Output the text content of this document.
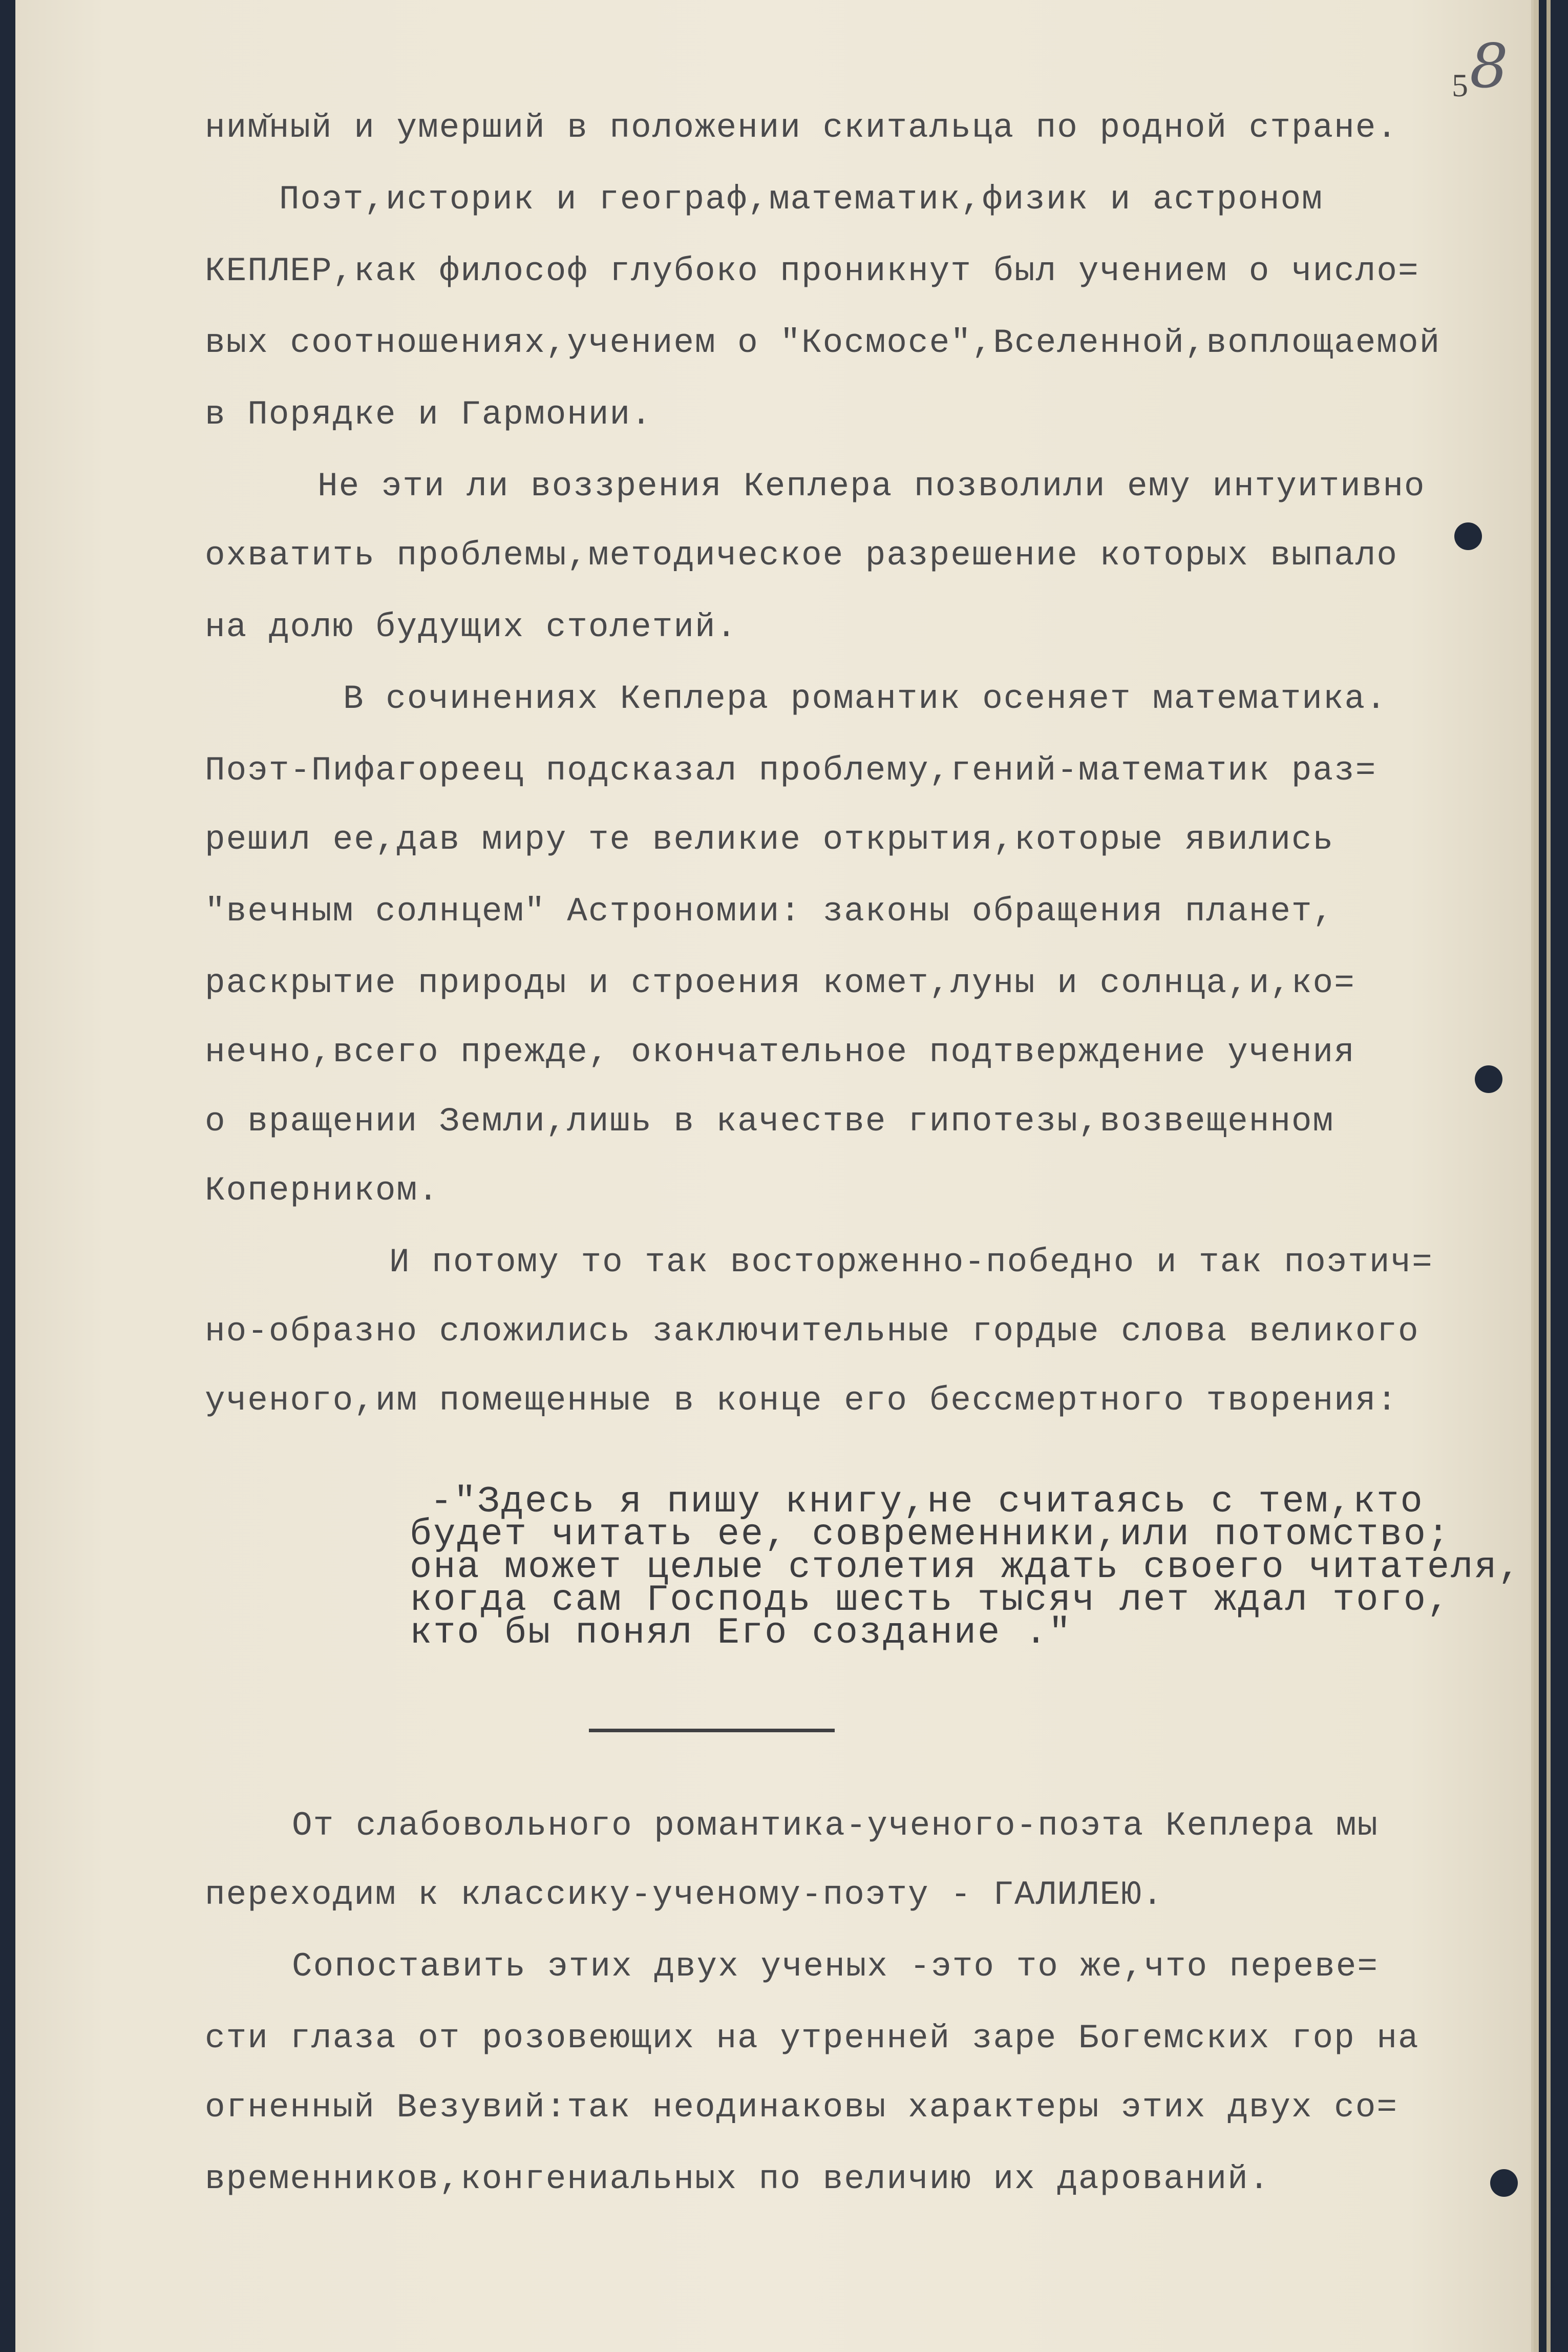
8
5
ним̆ный и умерший в положении скитальца по родной стране.
Поэт,историк и географ,математик,физик и астроном
КЕПЛЕР,как философ глубоко проникнут был учением о число=
вых соотношениях,учением о "Космосе",Вселенной,воплощаемой
в Порядке и Гармонии.
Не эти ли воззрения Кеплера позволили ему интуитивно
охватить проблемы,методическое разрешение которых выпало
на долю будущих столетий.
В сочинениях Кеплера романтик осеняет математика.
Поэт-Пифагореец подсказал проблему,гений-математик раз=
решил ее,дав миру те великие открытия,которые явились
"вечным солнцем" Астрономии: законы обращения планет,
раскрытие природы и строения комет,луны и солнца,и,ко=
нечно,всего прежде, окончательное подтверждение учения
о вращении Земли,лишь в качестве гипотезы,возвещенном
Коперником.
И потому то так восторженно-победно и так поэтич=
но-образно сложились заключительные гордые слова великого
ученого,им помещенные в конце его бессмертного творения:
-"Здесь я пишу книгу,не считаясь с тем,кто
будет читать ее, современники,или потомство;
она может целые столетия ждать своего читателя,
когда сам Господь шесть тысяч лет ждал того,
кто бы понял Его создание ."
От слабовольного романтика-ученого-поэта Кеплера мы
переходим к классику-ученому-поэту - ГАЛИЛЕЮ.
Сопоставить этих двух ученых -это то же,что переве=
сти глаза от розовеющих на утренней заре Богемских гор на
огненный Везувий:так неодинаковы характеры этих двух со=
временников,конгениальных по величию их дарований.
